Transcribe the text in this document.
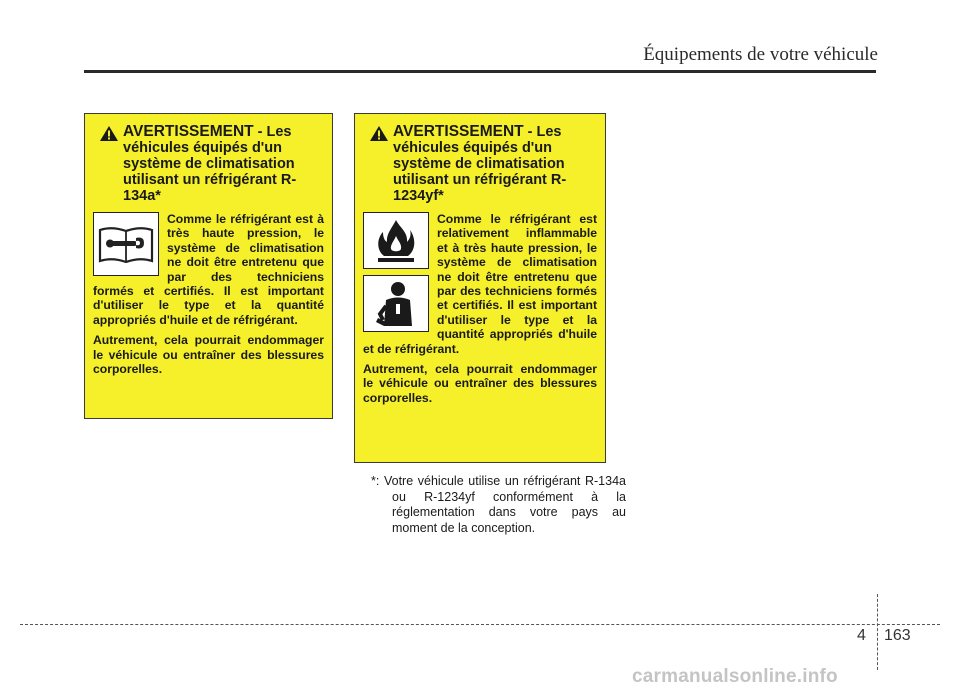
Équipements de votre véhicule
AVERTISSEMENT - Les véhicules équipés d'un système de climatisation utilisant un réfrigérant R-134a*

Comme le réfrigérant est à très haute pression, le système de climatisation ne doit être entretenu que par des techniciens formés et certifiés. Il est important d'utiliser le type et la quantité appropriés d'huile et de réfrigérant.

Autrement, cela pourrait endommager le véhicule ou entraîner des blessures corporelles.

AVERTISSEMENT - Les véhicules équipés d'un système de climatisation utilisant un réfrigérant R-1234yf*

Comme le réfrigérant est relativement inflammable et à très haute pression, le système de climatisation ne doit être entretenu que par des techniciens formés et certifiés. Il est important d'utiliser le type et la quantité appropriés d'huile et de réfrigérant.

Autrement, cela pourrait endommager le véhicule ou entraîner des blessures corporelles.

*: Votre véhicule utilise un réfrigérant R-134a ou R-1234yf conformément à la réglementation dans votre pays au moment de la conception.
4 163
carmanualsonline.info
